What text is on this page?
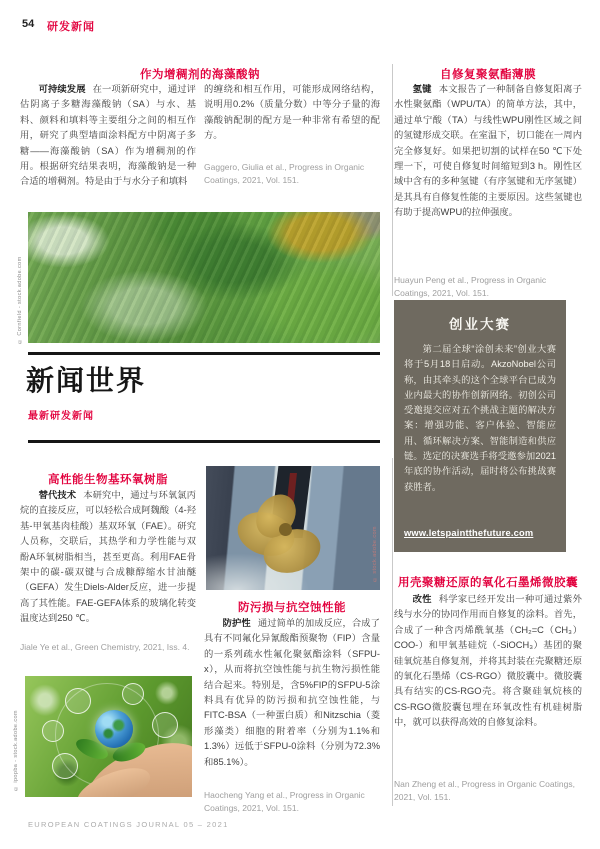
54 研发新闻
作为增稠剂的海藻酸钠

可持续发展 在一项新研究中，通过评估阴离子多糖海藻酸钠（SA）与水、基料、颜料和填料等主要组分之间的相互作用，研究了典型墙面涂料配方中阴离子多糖——海藻酸钠（SA）作为增稠剂的作用。根据研究结果表明，海藻酸钠是一种合适的增稠剂。特是由于与水分子和填料

的缠绕和相互作用，可能形成网络结构，说明用0.2%（质量分数）中等分子量的海藻酸钠配制的配方是一种非常有希望的配方。

Gaggero, Giulia et al., Progress in Organic Coatings, 2021, Vol. 151.
自修复聚氨酯薄膜

氢键 本文报告了一种制备自修复阳离子水性聚氨酯（WPU/TA）的简单方法，其中，通过单宁酸（TA）与线性WPU刚性区域之间的氢键形成交联。在室温下，切口能在一周内完全修复好。如果把切割的试样在50 ℃下处理一下，可使自修复时间缩短到3 h。刚性区域中含有的多种氢键（有序氢键和无序氢键）是其具有自修复性能的主要原因。这些氢键也有助于提高WPU的拉伸强度。

Huayun Peng et al., Progress in Organic Coatings, 2021, Vol. 151.
© Cornfield - stock.adobe.com
新闻世界
最新研发新闻
创业大赛
第二届全球“涂创未来”创业大赛将于5月18日启动。AkzoNobel公司称，由其牵头的这个全球平台已成为业内最大的协作创新网络。初创公司受邀提交应对五个挑战主题的解决方案：增强功能、客户体验、智能应用、循环解决方案、智能制造和供应链。选定的决赛选手将受邀参加2021年底的协作活动，届时将公布挑战赛获胜者。
www.letspaintthefuture.com
高性能生物基环氧树脂

替代技术 本研究中，通过与环氧氯丙烷的直接反应，可以轻松合成阿魏酸（4-羟基-甲氧基肉桂酸）基双环氧（FAE）。研究人员称，交联后，其热学和力学性能与双酚A环氧树脂相当，甚至更高。利用FAE骨架中的碳-碳双键与合成糠醇缩水甘油醚（GEFA）发生Diels-Alder反应，进一步提高了其性能。FAE-GEFA体系的玻璃化转变温度达到250 ℃。

Jiale Ye et al., Green Chemistry, 2021, Iss. 4.
© ipopba - stock.adobe.com
© stock.adobe.com
防污损与抗空蚀性能

防护性 通过简单的加成反应，合成了具有不同氟化异氰酸酯预聚物（FIP）含量的一系列疏水性氟化聚氨酯涂料（SFPU-x），从而将抗空蚀性能与抗生物污损性能结合起来。特别是，含5%FIP的SFPU-5涂料具有优异的防污损和抗空蚀性能，与FITC-BSA（一种蛋白质）和Nitzschia（菱形藻类）细胞的附着率（分别为1.1%和1.3%）远低于SFPU-0涂料（分别为72.3%和85.1%）。

Haocheng Yang et al., Progress in Organic Coatings, 2021, Vol. 151.
用壳聚糖还原的氧化石墨烯微胶囊

改性 科学家已经开发出一种可通过紫外线与水分的协同作用而自修复的涂料。首先，合成了一种含丙烯酰氧基（CH₂=C（CH₃）COO-）和甲氧基硅烷（-SiOCH₃）基团的聚硅氧烷基自修复剂，并将其封装在壳聚糖还原的氧化石墨烯（CS-RGO）微胶囊中。微胶囊具有结实的CS-RGO壳。将含聚硅氧烷核的CS-RGO微胶囊包埋在环氧改性有机硅树脂中，就可以获得高效的自修复涂料。

Nan Zheng et al., Progress in Organic Coatings, 2021, Vol. 151.
EUROPEAN COATINGS JOURNAL 05 – 2021
